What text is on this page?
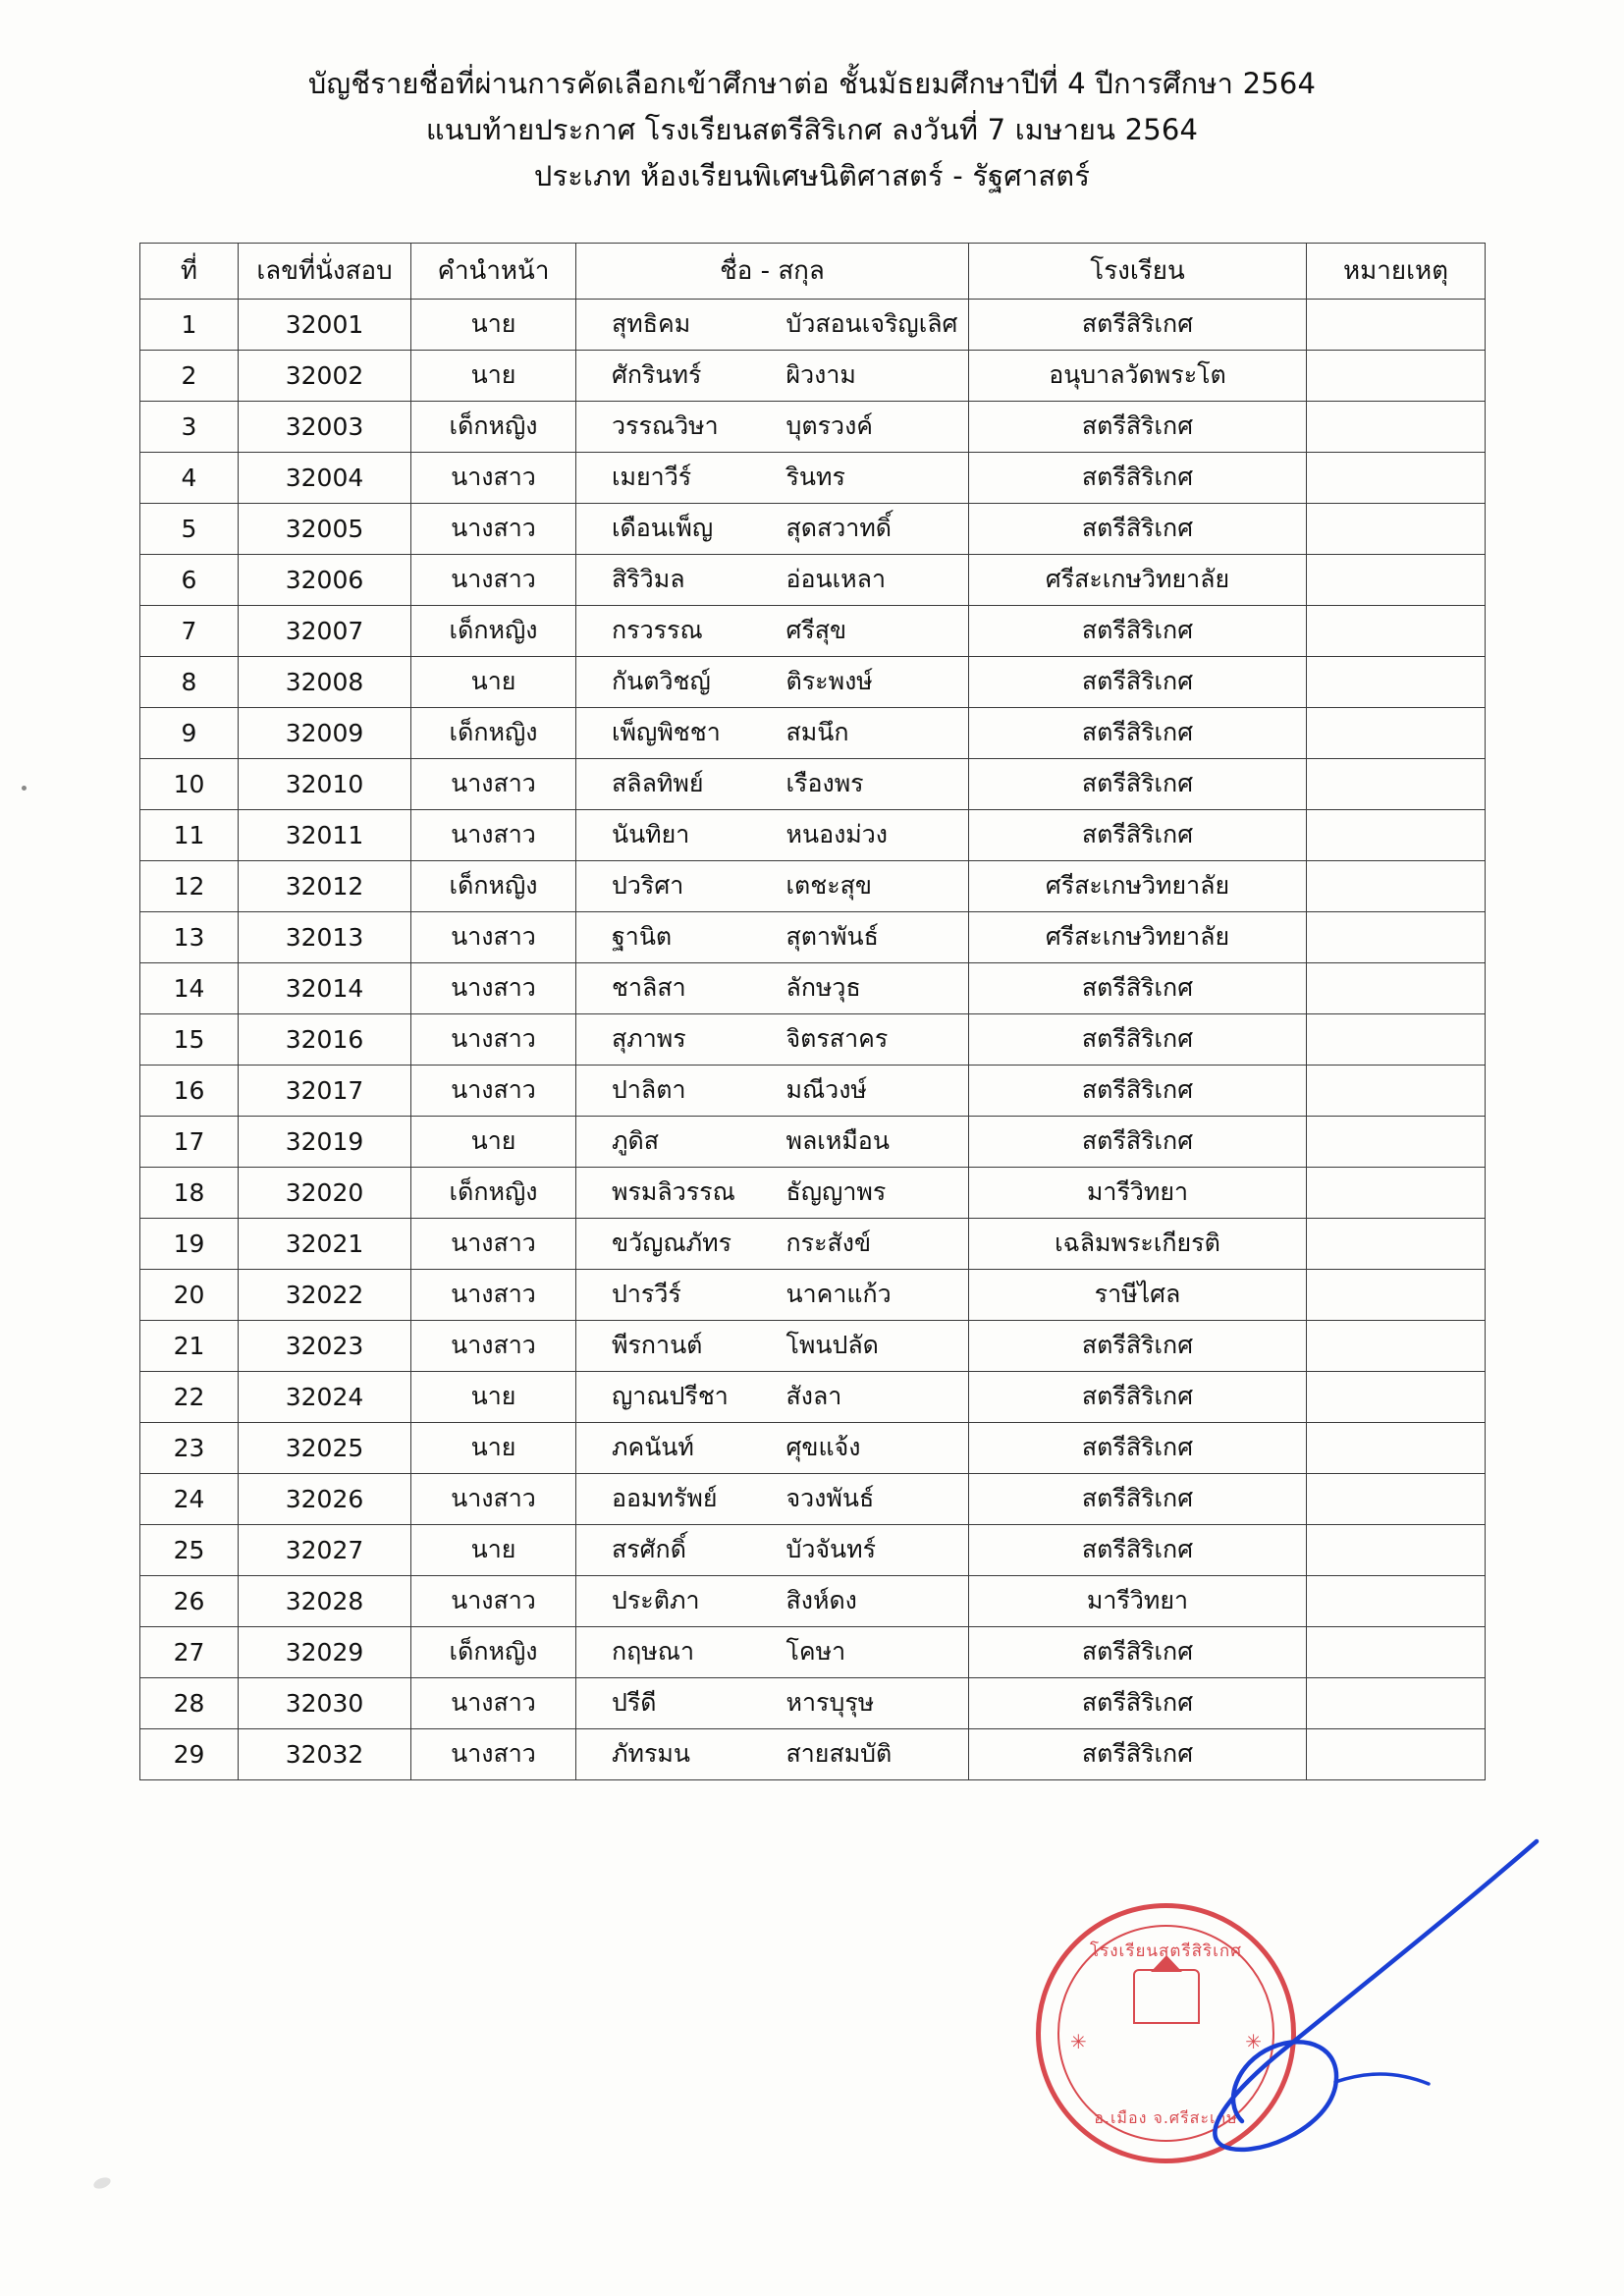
บัญชีรายชื่อที่ผ่านการคัดเลือกเข้าศึกษาต่อ ชั้นมัธยมศึกษาปีที่ 4 ปีการศึกษา 2564
แนบท้ายประกาศ โรงเรียนสตรีสิริเกศ ลงวันที่ 7 เมษายน 2564
ประเภท ห้องเรียนพิเศษนิติศาสตร์ - รัฐศาสตร์
ที่	เลขที่นั่งสอบ	คำนำหน้า	ชื่อ - สกุล	โรงเรียน	หมายเหตุ
1	32001	นาย	สุทธิคม บัวสอนเจริญเลิศ	สตรีสิริเกศ	
2	32002	นาย	ศักรินทร์ ผิวงาม	อนุบาลวัดพระโต	
3	32003	เด็กหญิง	วรรณวิษา บุตรวงค์	สตรีสิริเกศ	
4	32004	นางสาว	เมยาวีร์ รินทร	สตรีสิริเกศ	
5	32005	นางสาว	เดือนเพ็ญ สุดสวาทดิ์	สตรีสิริเกศ	
6	32006	นางสาว	สิริวิมล อ่อนเหลา	ศรีสะเกษวิทยาลัย	
7	32007	เด็กหญิง	กรวรรณ ศรีสุข	สตรีสิริเกศ	
8	32008	นาย	กันตวิชญ์ ติระพงษ์	สตรีสิริเกศ	
9	32009	เด็กหญิง	เพ็ญพิชชา สมนึก	สตรีสิริเกศ	
10	32010	นางสาว	สลิลทิพย์ เรืองพร	สตรีสิริเกศ	
11	32011	นางสาว	นันทิยา หนองม่วง	สตรีสิริเกศ	
12	32012	เด็กหญิง	ปวริศา เตชะสุข	ศรีสะเกษวิทยาลัย	
13	32013	นางสาว	ฐานิต สุตาพันธ์	ศรีสะเกษวิทยาลัย	
14	32014	นางสาว	ชาลิสา ลักษวุธ	สตรีสิริเกศ	
15	32016	นางสาว	สุภาพร จิตรสาคร	สตรีสิริเกศ	
16	32017	นางสาว	ปาลิตา มณีวงษ์	สตรีสิริเกศ	
17	32019	นาย	ภูดิส พลเหมือน	สตรีสิริเกศ	
18	32020	เด็กหญิง	พรมลิวรรณ ธัญญาพร	มารีวิทยา	
19	32021	นางสาว	ขวัญณภัทร กระสังข์	เฉลิมพระเกียรติ	
20	32022	นางสาว	ปารวีร์ นาคาแก้ว	ราษีไศล	
21	32023	นางสาว	พีรกานต์ โพนปลัด	สตรีสิริเกศ	
22	32024	นาย	ญาณปรีชา สังลา	สตรีสิริเกศ	
23	32025	นาย	ภคนันท์ ศุขแจ้ง	สตรีสิริเกศ	
24	32026	นางสาว	ออมทรัพย์ จวงพันธ์	สตรีสิริเกศ	
25	32027	นาย	สรศักดิ์ บัวจันทร์	สตรีสิริเกศ	
26	32028	นางสาว	ประติภา สิงห์ดง	มารีวิทยา	
27	32029	เด็กหญิง	กฤษณา โคษา	สตรีสิริเกศ	
28	32030	นางสาว	ปรีดี หารบุรุษ	สตรีสิริเกศ	
29	32032	นางสาว	ภัทรมน สายสมบัติ	สตรีสิริเกศ	
โรงเรียนสตรีสิริเกศ
✳	✳
อ.เมือง จ.ศรีสะเกษ
